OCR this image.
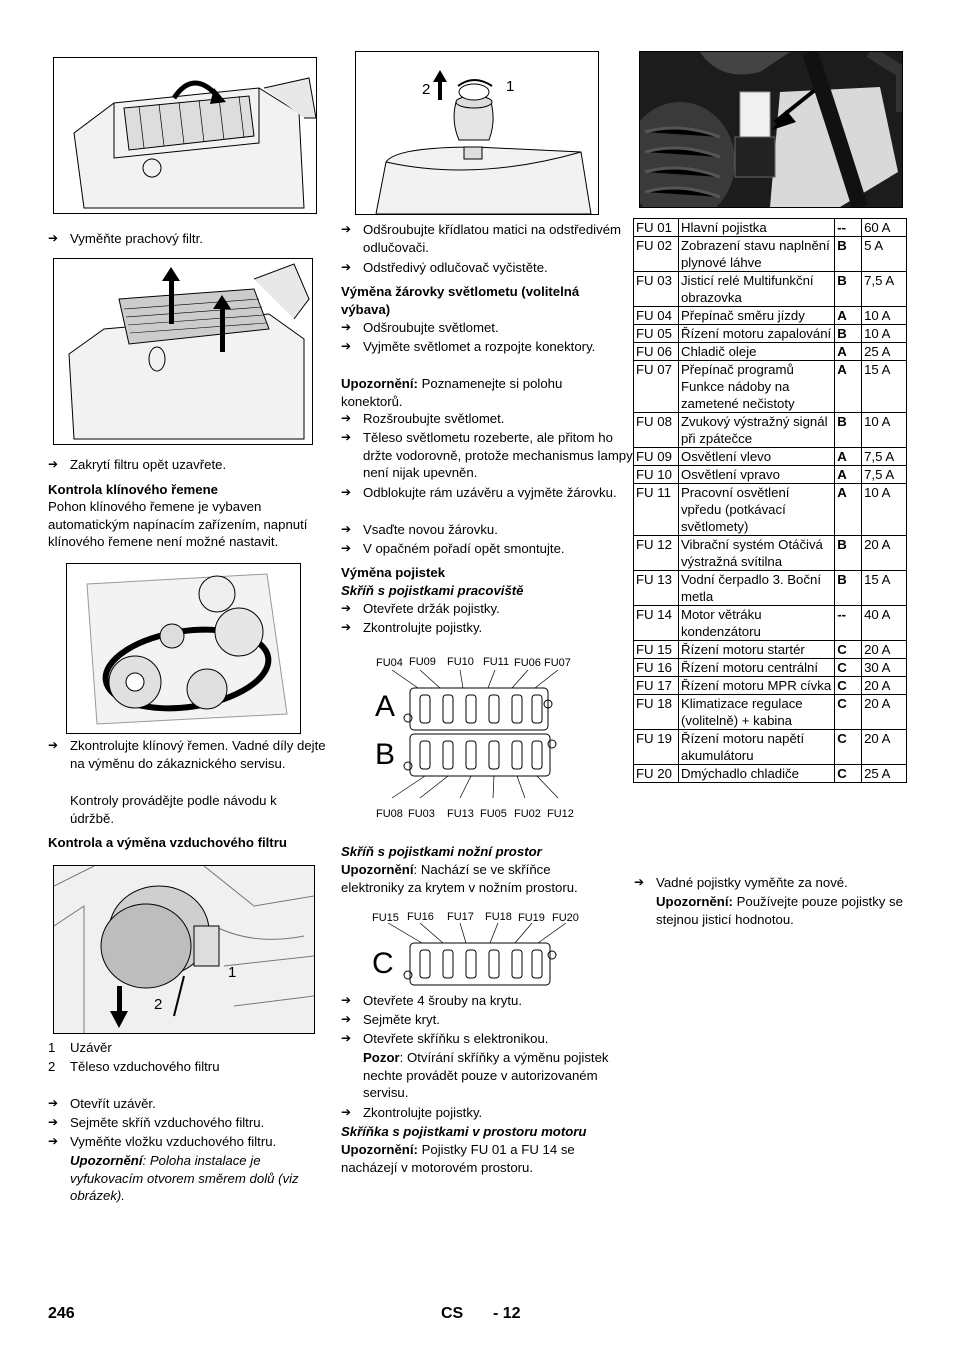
➔ Vyměňte prachový filtr.
➔ Zakrytí filtru opět uzavřete.
Kontrola klínového řemene
Pohon klínového řemene je vybaven automatickým napínacím zařízením, napnutí klínového řemene není možné nastavit.
➔ Zkontrolujte klínový řemen. Vadné díly dejte na výměnu do zákaznického servisu.
Kontroly provádějte podle návodu k údržbě.
Kontrola a výměna vzduchového filtru
1
2
1 Uzávěr
2 Těleso vzduchového filtru
➔ Otevřít uzávěr.
➔ Sejměte skříň vzduchového filtru.
➔ Vyměňte vložku vzduchového filtru.
Upozornění: Poloha instalace je vyfukovacím otvorem směrem dolů (viz obrázek).
2	1
➔ Odšroubujte křídlatou matici na odstředivém odlučovači.
➔ Odstředivý odlučovač vyčistěte.
Výměna žárovky světlometu (volitelná výbava)
➔ Odšroubujte světlomet.
➔ Vyjměte světlomet a rozpojte konektory.
Upozornění: Poznamenejte si polohu konektorů.
➔ Rozšroubujte světlomet.
➔ Těleso světlometu rozeberte, ale přitom ho držte vodorovně, protože mechanismus lampy není nijak upevněn.
➔ Odblokujte rám uzávěru a vyjměte žárovku.
➔ Vsaďte novou žárovku.
➔ V opačném pořadí opět smontujte.
Výměna pojistek
Skříň s pojistkami pracoviště
➔ Otevřete držák pojistky.
➔ Zkontrolujte pojistky.
FU04 FU09 FU10 FU11 FU06 FU07
A
B
FU08 FU03 FU13 FU05 FU02 FU12
Skříň s pojistkami nožní prostor
Upozornění: Nachází se ve skříňce elektroniky za krytem v nožním prostoru.
FU15 FU16 FU17 FU18 FU19 FU20
C
➔ Otevřete 4 šrouby na krytu.
➔ Sejměte kryt.
➔ Otevřete skříňku s elektronikou.
Pozor: Otvírání skříňky a výměnu pojistek nechte provádět pouze v autorizovaném servisu.
➔ Zkontrolujte pojistky.
Skříňka s pojistkami v prostoru motoru
Upozornění: Pojistky FU 01 a FU 14 se nacházejí v motorovém prostoru.
FU 01	Hlavní pojistka	--	60 A
FU 02	Zobrazení stavu naplnění plynové láhve	B	5 A
FU 03	Jisticí relé Multifunkční obrazovka	B	7,5 A
FU 04	Přepínač směru jízdy	A	10 A
FU 05	Řízení motoru zapalování	B	10 A
FU 06	Chladič oleje	A	25 A
FU 07	Přepínač programů Funkce nádoby na zametené nečistoty	A	15 A
FU 08	Zvukový výstražný signál při zpátečce	B	10 A
FU 09	Osvětlení vlevo	A	7,5 A
FU 10	Osvětlení vpravo	A	7,5 A
FU 11	Pracovní osvětlení vpředu (potkávací světlomety)	A	10 A
FU 12	Vibrační systém Otáčivá výstražná svítilna	B	20 A
FU 13	Vodní čerpadlo 3. Boční metla	B	15 A
FU 14	Motor větráku kondenzátoru	--	40 A
FU 15	Řízení motoru startér	C	20 A
FU 16	Řízení motoru centrální	C	30 A
FU 17	Řízení motoru MPR cívka	C	20 A
FU 18	Klimatizace regulace (volitelně) + kabina	C	20 A
FU 19	Řízení motoru napětí akumulátoru	C	20 A
FU 20	Dmýchadlo chladiče	C	25 A
➔ Vadné pojistky vyměňte za nové.
Upozornění: Používejte pouze pojistky se stejnou jisticí hodnotou.
246	CS - 12
